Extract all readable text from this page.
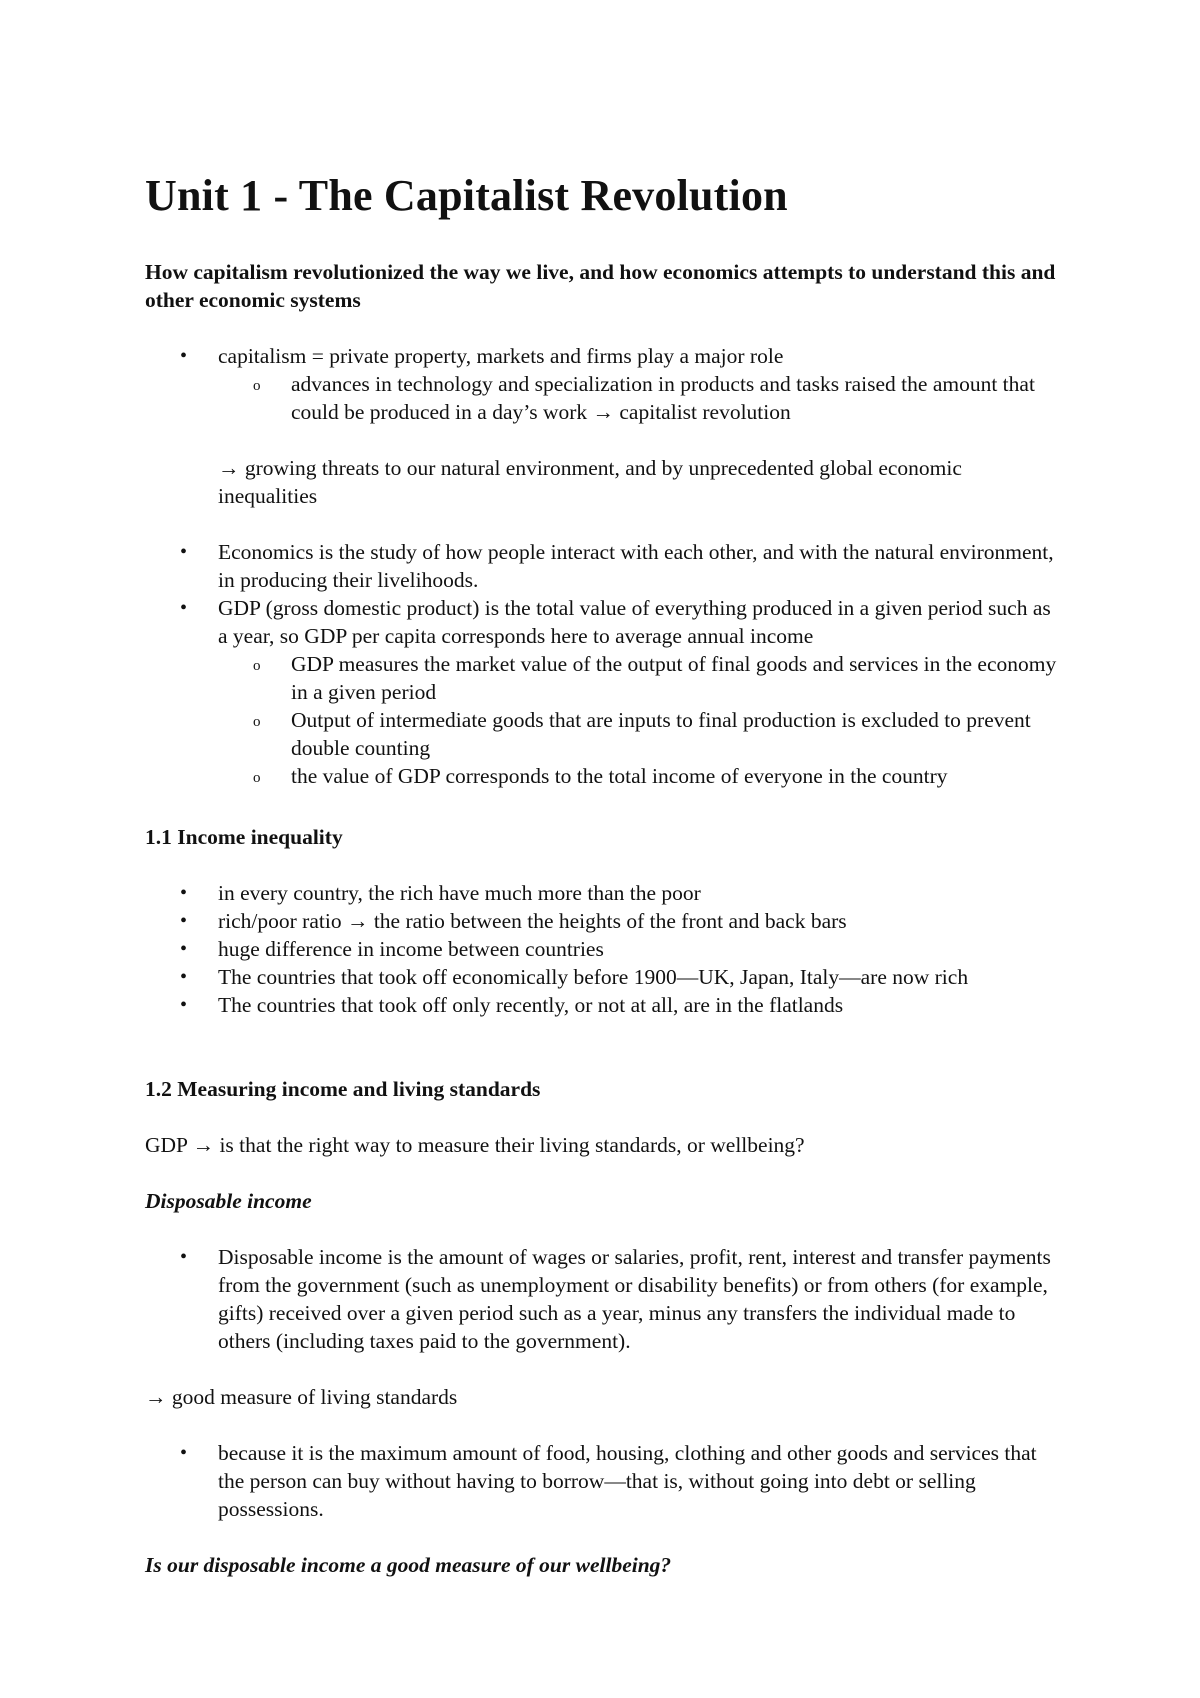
Unit 1 - The Capitalist Revolution
How capitalism revolutionized the way we live, and how economics attempts to understand this and other economic systems
• capitalism = private property, markets and firms play a major role
o advances in technology and specialization in products and tasks raised the amount that could be produced in a day’s work → capitalist revolution
→ growing threats to our natural environment, and by unprecedented global economic inequalities
• Economics is the study of how people interact with each other, and with the natural environment, in producing their livelihoods.
• GDP (gross domestic product) is the total value of everything produced in a given period such as a year, so GDP per capita corresponds here to average annual income
o GDP measures the market value of the output of final goods and services in the economy in a given period
o Output of intermediate goods that are inputs to final production is excluded to prevent double counting
o the value of GDP corresponds to the total income of everyone in the country
1.1 Income inequality
• in every country, the rich have much more than the poor
• rich/poor ratio → the ratio between the heights of the front and back bars
• huge difference in income between countries
• The countries that took off economically before 1900—UK, Japan, Italy—are now rich
• The countries that took off only recently, or not at all, are in the flatlands
1.2 Measuring income and living standards
GDP → is that the right way to measure their living standards, or wellbeing?
Disposable income
• Disposable income is the amount of wages or salaries, profit, rent, interest and transfer payments from the government (such as unemployment or disability benefits) or from others (for example, gifts) received over a given period such as a year, minus any transfers the individual made to others (including taxes paid to the government).
→ good measure of living standards
• because it is the maximum amount of food, housing, clothing and other goods and services that the person can buy without having to borrow—that is, without going into debt or selling possessions.
Is our disposable income a good measure of our wellbeing?
